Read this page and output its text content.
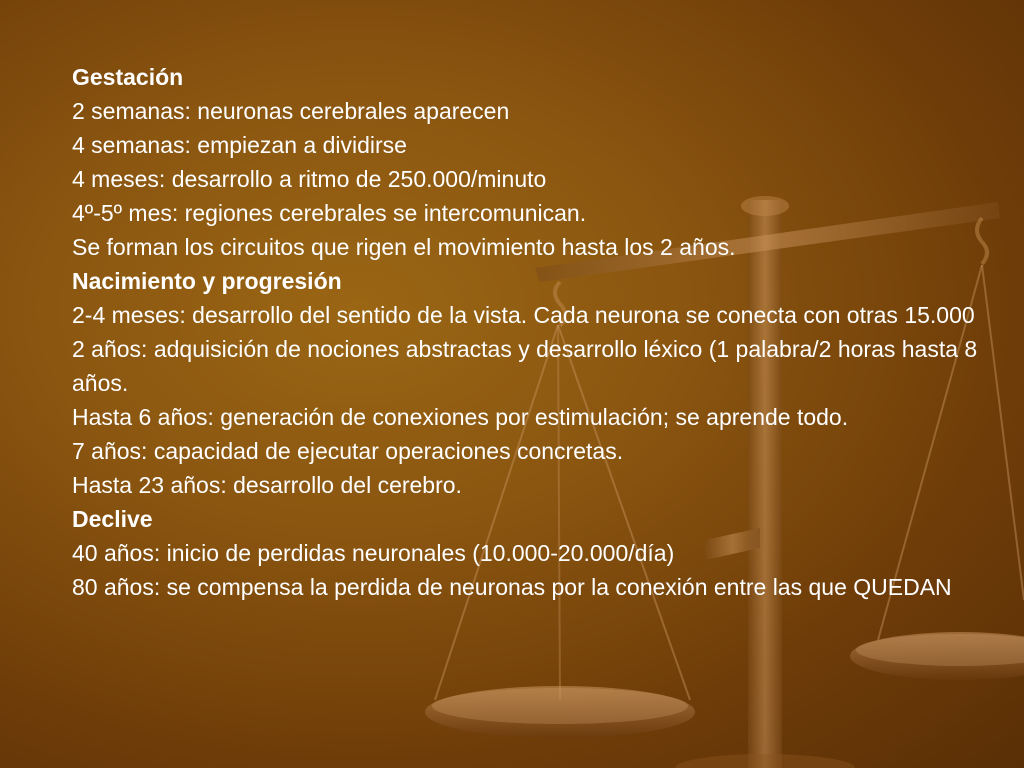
Gestación
2 semanas: neuronas cerebrales aparecen
4 semanas: empiezan a dividirse
4 meses: desarrollo a ritmo de 250.000/minuto
4º-5º mes: regiones cerebrales se intercomunican.
Se forman los circuitos que rigen el movimiento hasta los 2 años.
Nacimiento y progresión
2-4 meses: desarrollo del sentido de la vista. Cada neurona se conecta con otras 15.000
2 años: adquisición de nociones abstractas y desarrollo léxico (1 palabra/2 horas hasta 8 años.
Hasta 6 años: generación de conexiones por estimulación; se aprende todo.
7 años: capacidad de ejecutar operaciones concretas.
Hasta 23 años: desarrollo del cerebro.
Declive
40 años: inicio de perdidas neuronales (10.000-20.000/día)
80 años: se compensa la perdida de neuronas por la conexión entre las que QUEDAN
